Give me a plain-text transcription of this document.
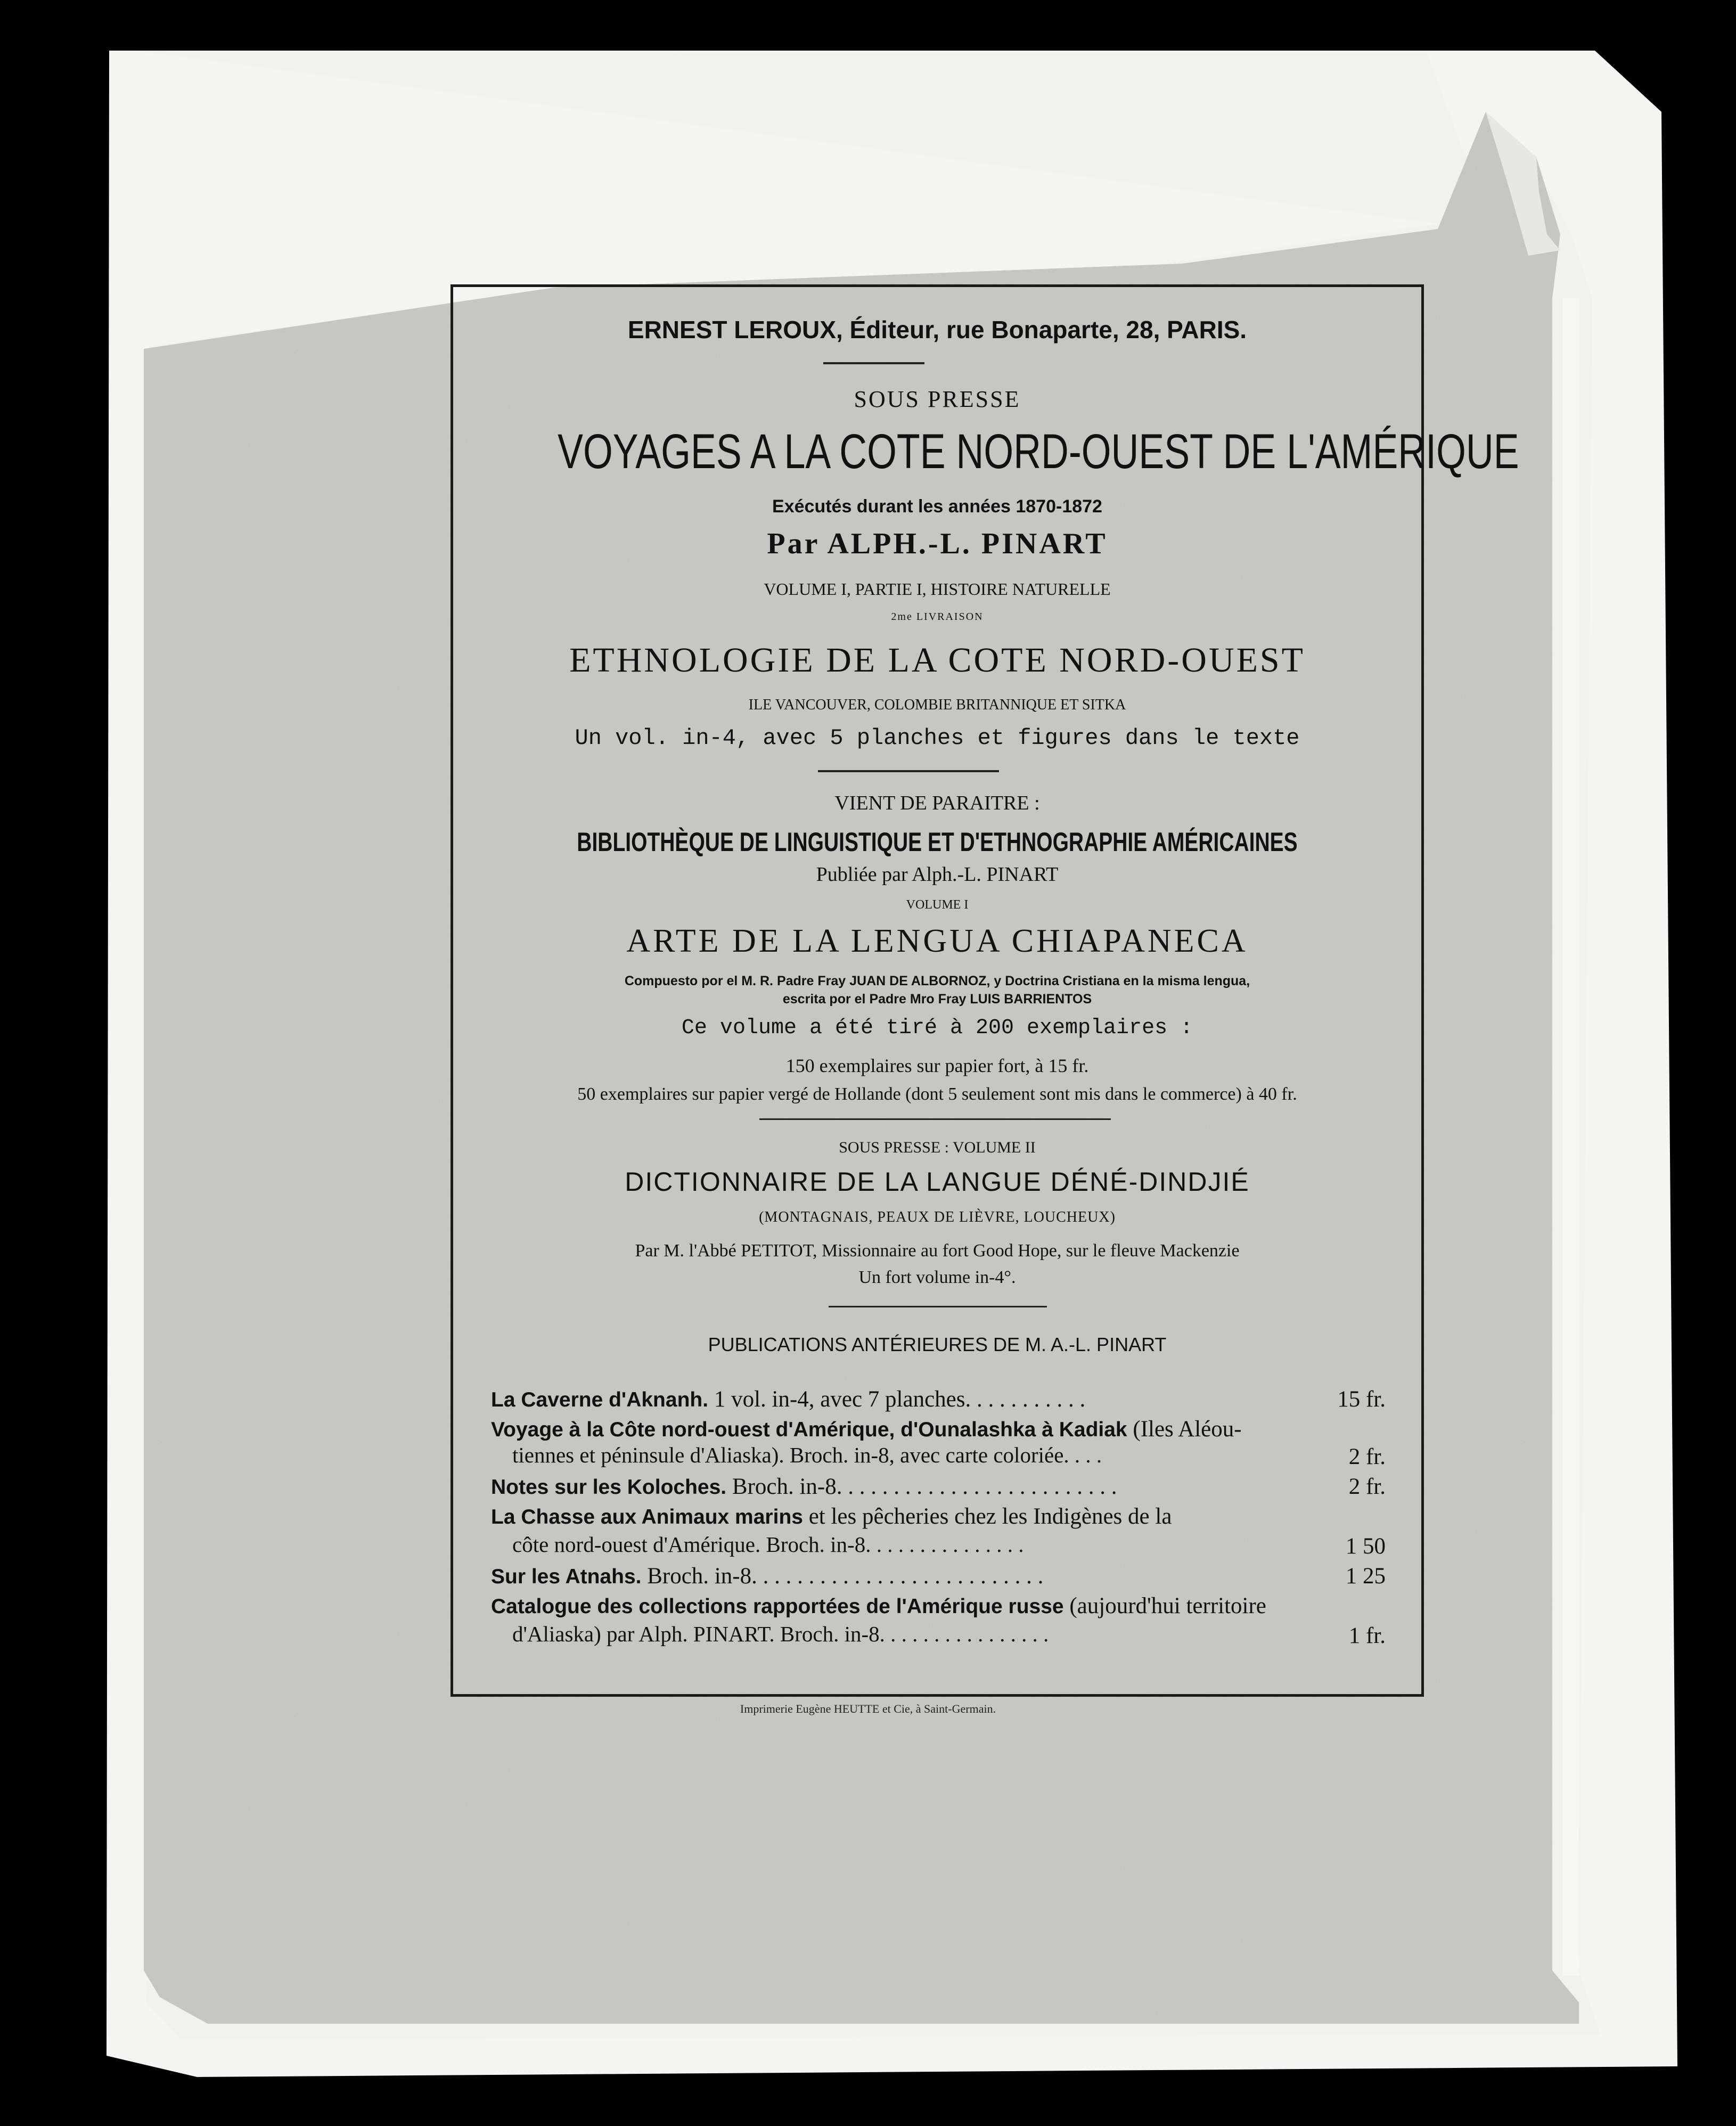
ERNEST LEROUX, Éditeur, rue Bonaparte, 28, PARIS.
SOUS PRESSE
VOYAGES A LA COTE NORD-OUEST DE L'AMÉRIQUE
Exécutés durant les années 1870-1872
Par ALPH.-L. PINART
VOLUME I, PARTIE I, HISTOIRE NATURELLE
2me LIVRAISON
ETHNOLOGIE DE LA COTE NORD-OUEST
ILE VANCOUVER, COLOMBIE BRITANNIQUE ET SITKA
Un vol. in-4, avec 5 planches et figures dans le texte
VIENT DE PARAITRE :
BIBLIOTHÈQUE DE LINGUISTIQUE ET D'ETHNOGRAPHIE AMÉRICAINES
Publiée par Alph.-L. PINART
VOLUME I
ARTE DE LA LENGUA CHIAPANECA
Compuesto por el M. R. Padre Fray JUAN DE ALBORNOZ, y Doctrina Cristiana en la misma lengua,
escrita por el Padre Mro Fray LUIS BARRIENTOS
Ce volume a été tiré à 200 exemplaires :
150 exemplaires sur papier fort, à 15 fr.
50 exemplaires sur papier vergé de Hollande (dont 5 seulement sont mis dans le commerce) à 40 fr.
SOUS PRESSE : VOLUME II
DICTIONNAIRE DE LA LANGUE DÉNÉ-DINDJIÉ
(MONTAGNAIS, PEAUX DE LIÈVRE, LOUCHEUX)
Par M. l'Abbé PETITOT, Missionnaire au fort Good Hope, sur le fleuve Mackenzie
Un fort volume in-4°.
PUBLICATIONS ANTÉRIEURES DE M. A.-L. PINART
La Caverne d'Aknanh. 1 vol. in-4, avec 7 planches. . . . . . . . . . .	15 fr.
Voyage à la Côte nord-ouest d'Amérique, d'Ounalashka à Kadiak (Iles Aléou-
tiennes et péninsule d'Aliaska). Broch. in-8, avec carte coloriée. . . .	2 fr.
Notes sur les Koloches. Broch. in-8. . . . . . . . . . . . . . . . . . . . . . . . .	2 fr.
La Chasse aux Animaux marins et les pêcheries chez les Indigènes de la
côte nord-ouest d'Amérique. Broch. in-8. . . . . . . . . . . . . . .	1 50
Sur les Atnahs. Broch. in-8. . . . . . . . . . . . . . . . . . . . . . . . . .	1 25
Catalogue des collections rapportées de l'Amérique russe (aujourd'hui territoire
d'Aliaska) par Alph. PINART. Broch. in-8. . . . . . . . . . . . . . . .	1 fr.
Imprimerie Eugène HEUTTE et Cie, à Saint-Germain.
